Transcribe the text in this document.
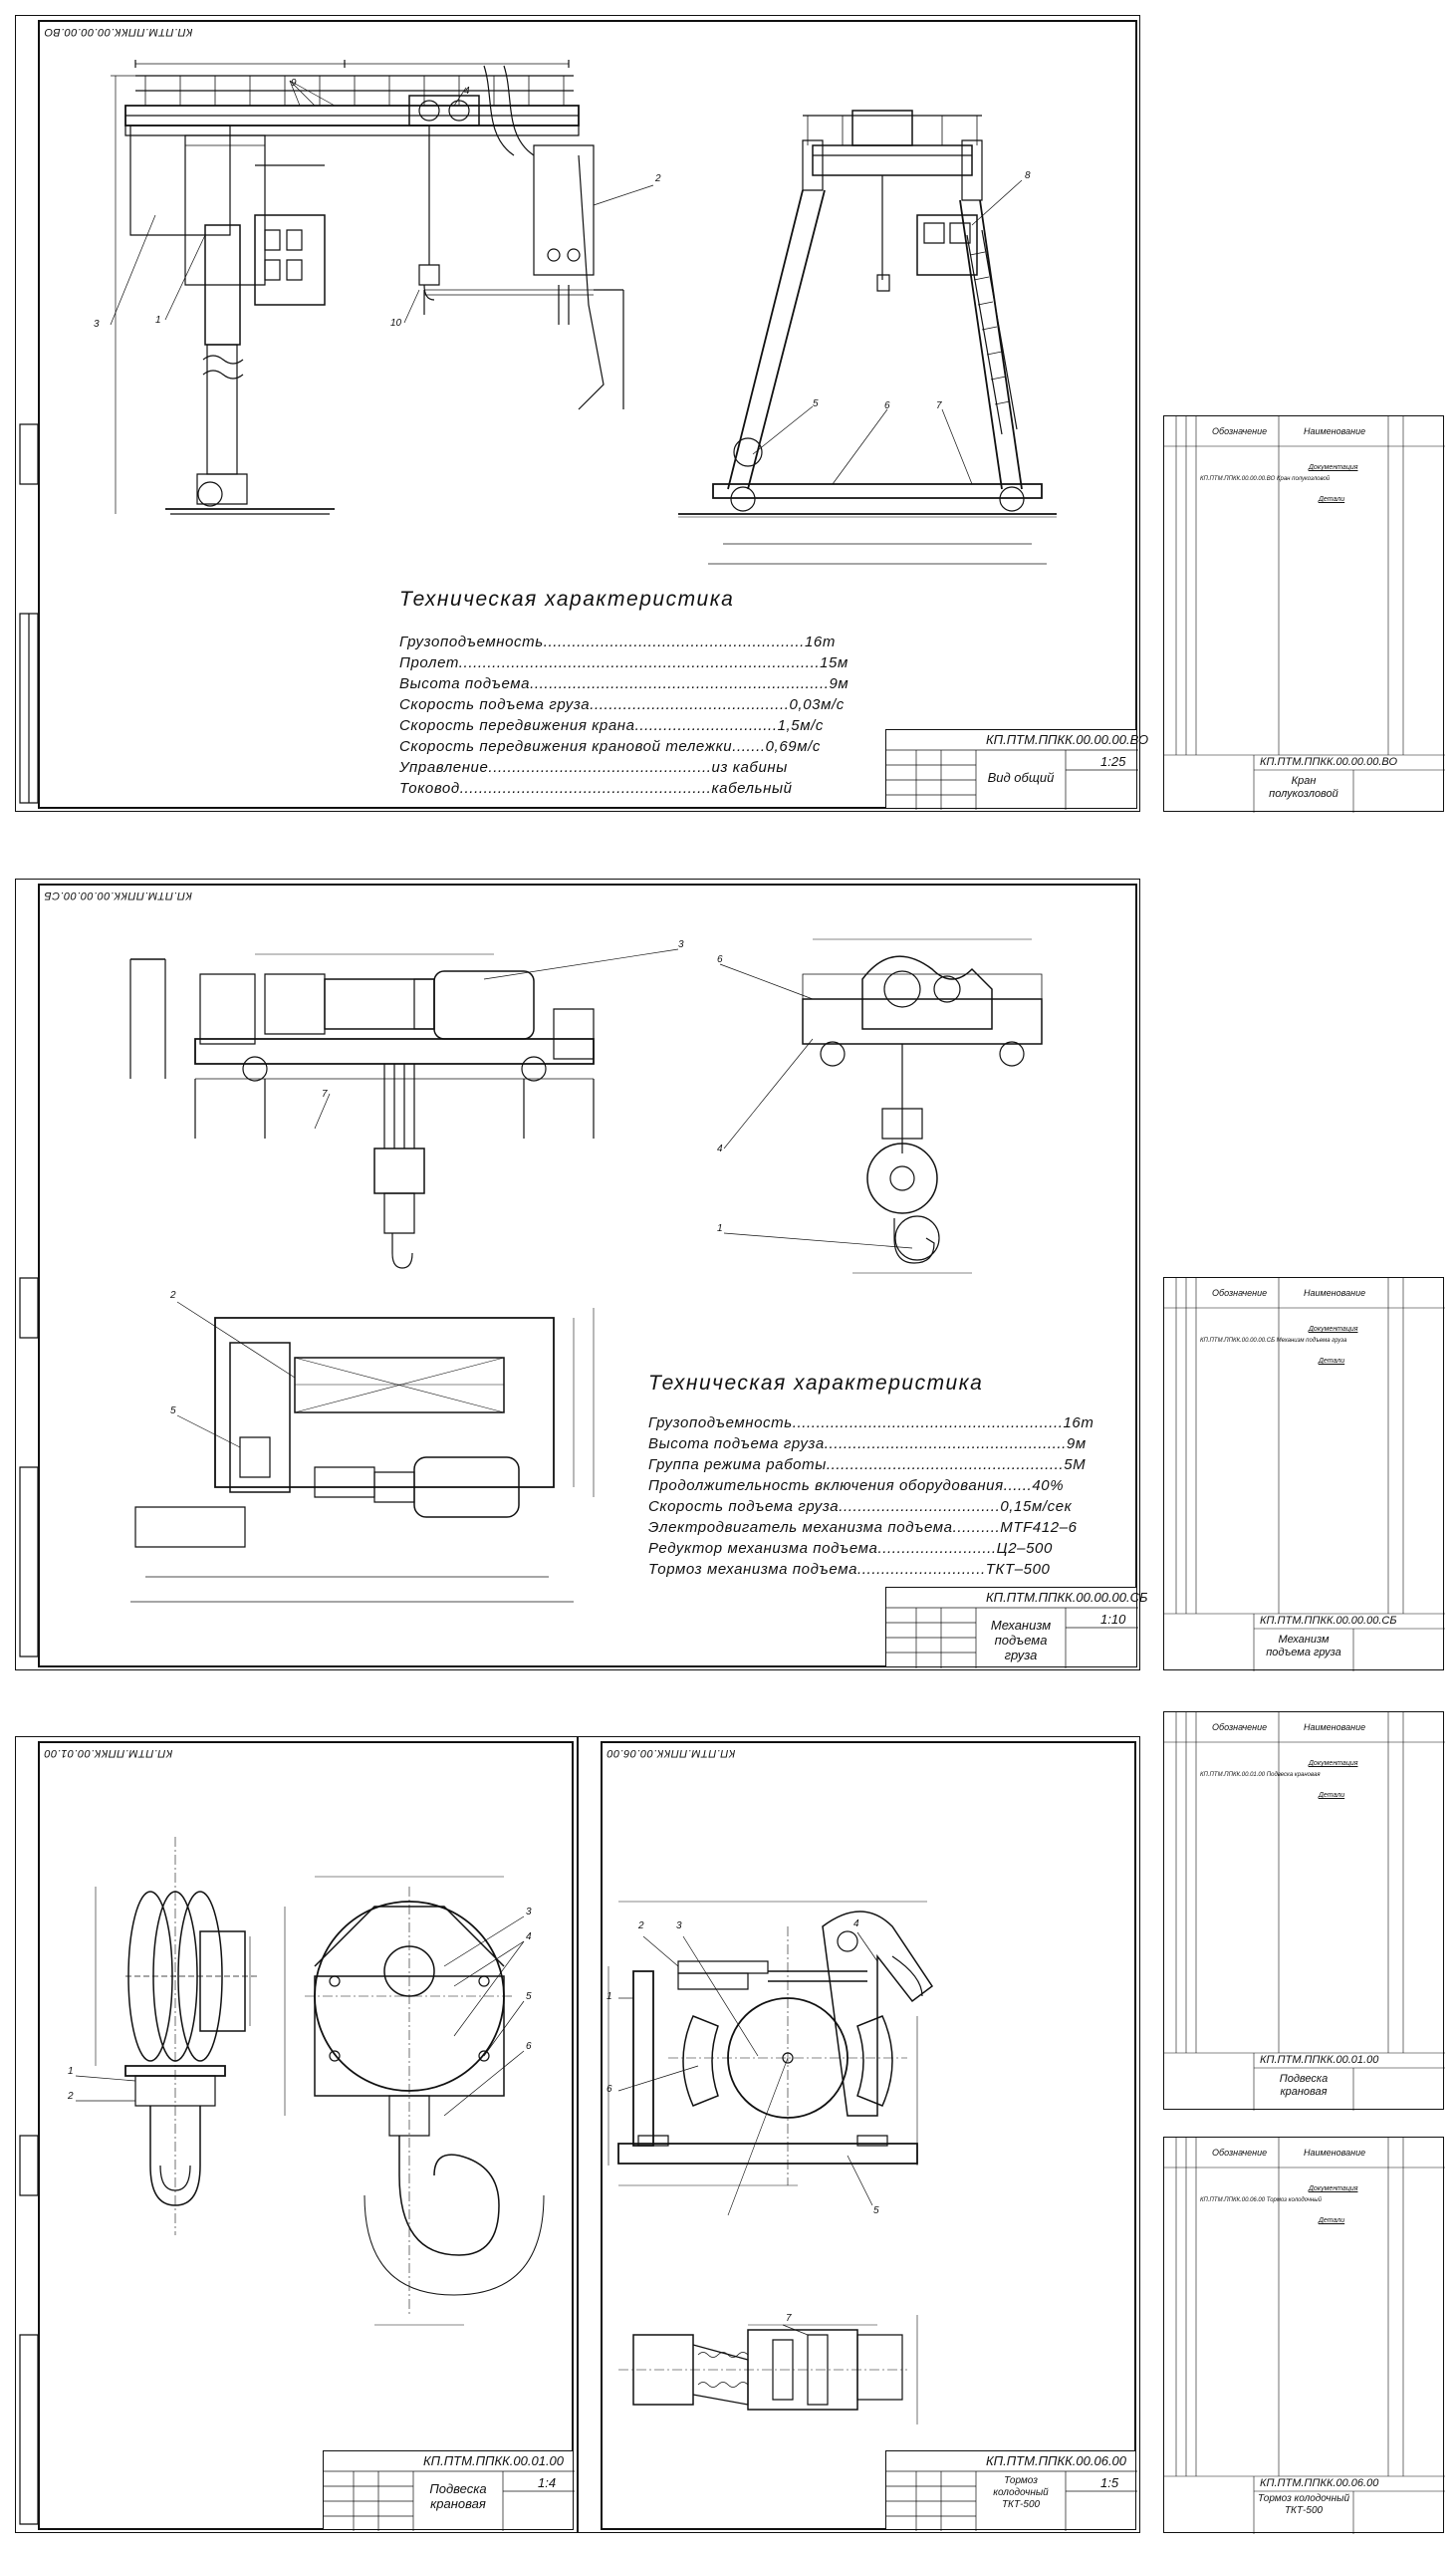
КП.ПТМ.ППКК.00.00.00.ВО
9
4
2
3	1	10
8
5	6	7
Техническая характеристика
Грузоподъемность.......................................................16т
Пролет............................................................................15м
Высота подъема...............................................................9м
Скорость подъема груза..........................................0,03м/с
Скорость передвижения крана..............................1,5м/с
Скорость передвижения крановой тележки.......0,69м/с
Управление...............................................из кабины
Токовод.....................................................кабельный
КП.ПТМ.ППКК.00.00.00.ВО
Вид общий
1:25
Обозначение	Наименование
Документация
КП.ПТМ.ППКК.00.00.00.ВО Кран полукозловой
Детали
КП.ПТМ.ППКК.00.00.00.ВО
Кран полукозловой
КП.ПТМ.ППКК.00.00.00.СБ
3
6
7
4
1
2
5
Техническая характеристика
Грузоподъемность.........................................................16т
Высота подъема груза...................................................9м
Группа режима работы..................................................5М
Продолжительность включения оборудования......40%
Скорость подъема груза..................................0,15м/сек
Электродвигатель механизма подъема..........MTF412–6
Редуктор механизма подъема.........................Ц2–500
Тормоз механизма подъема...........................ТКТ–500
КП.ПТМ.ППКК.00.00.00.СБ
Механизм подъема груза
1:10
Обозначение	Наименование
Документация
КП.ПТМ.ППКК.00.00.00.СБ Механизм подъема груза
Детали
КП.ПТМ.ППКК.00.00.00.СБ
Механизм подъема груза
КП.ПТМ.ППКК.00.01.00
1
2
3
4
5
6
КП.ПТМ.ППКК.00.01.00
Подвеска крановая
1:4
КП.ПТМ.ППКК.00.06.00
2	3	4
1
6
5
7
КП.ПТМ.ППКК.00.06.00
Тормоз колодочный ТКТ-500
1:5
Обозначение	Наименование
Документация
КП.ПТМ.ППКК.00.01.00 Подвеска крановая
Детали
КП.ПТМ.ППКК.00.01.00
Подвеска крановая
Обозначение	Наименование
Документация
КП.ПТМ.ППКК.00.06.00 Тормоз колодочный
Детали
КП.ПТМ.ППКК.00.06.00
Тормоз колодочный ТКТ-500
